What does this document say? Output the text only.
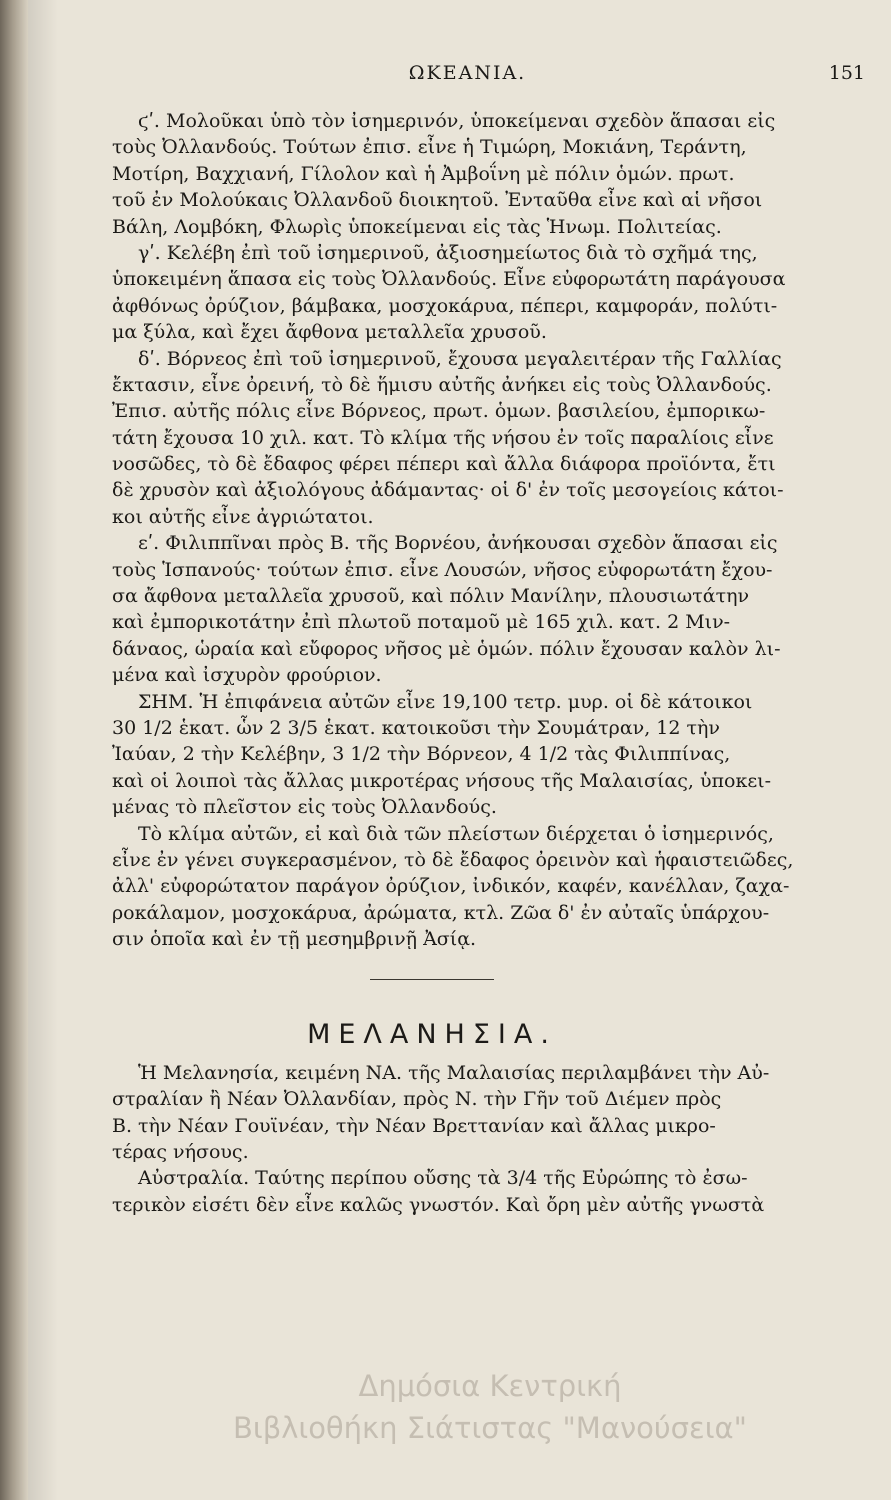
ΩΚΕΑΝΙΑ.	151
ϛʹ. Μολοῦκαι ὑπὸ τὸν ἰσημερινόν, ὑποκείμεναι σχεδὸν ἅπασαι εἰς
τοὺς Ὀλλανδούς. Τούτων ἐπισ. εἶνε ἡ Τιμώρη, Μοκιάνη, Τεράντη,
Μοτίρη, Βαχχιανή, Γίλολον καὶ ἡ Ἀμβοΐνη μὲ πόλιν ὁμών. πρωτ.
τοῦ ἐν Μολούκαις Ὀλλανδοῦ διοικητοῦ. Ἐνταῦθα εἶνε καὶ αἱ νῆσοι
Βάλη, Λομβόκη, Φλωρὶς ὑποκείμεναι εἰς τὰς Ἡνωμ. Πολιτείας.
γʹ. Κελέβη ἐπὶ τοῦ ἰσημερινοῦ, ἀξιοσημείωτος διὰ τὸ σχῆμά της,
ὑποκειμένη ἅπασα εἰς τοὺς Ὀλλανδούς. Εἶνε εὐφορωτάτη παράγουσα
ἀφθόνως ὀρύζιον, βάμβακα, μοσχοκάρυα, πέπερι, καμφοράν, πολύτι-
μα ξύλα, καὶ ἔχει ἄφθονα μεταλλεῖα χρυσοῦ.
δʹ. Βόρνεος ἐπὶ τοῦ ἰσημερινοῦ, ἔχουσα μεγαλειτέραν τῆς Γαλλίας
ἔκτασιν, εἶνε ὀρεινή, τὸ δὲ ἥμισυ αὐτῆς ἀνήκει εἰς τοὺς Ὀλλανδούς.
Ἐπισ. αὐτῆς πόλις εἶνε Βόρνεος, πρωτ. ὁμων. βασιλείου, ἐμπορικω-
τάτη ἔχουσα 10 χιλ. κατ. Τὸ κλίμα τῆς νήσου ἐν τοῖς παραλίοις εἶνε
νοσῶδες, τὸ δὲ ἔδαφος φέρει πέπερι καὶ ἄλλα διάφορα προϊόντα, ἔτι
δὲ χρυσὸν καὶ ἀξιολόγους ἀδάμαντας· οἱ δ' ἐν τοῖς μεσογείοις κάτοι-
κοι αὐτῆς εἶνε ἀγριώτατοι.
εʹ. Φιλιππῖναι πρὸς Β. τῆς Βορνέου, ἀνήκουσαι σχεδὸν ἅπασαι εἰς
τοὺς Ἱσπανούς· τούτων ἐπισ. εἶνε Λουσών, νῆσος εὐφορωτάτη ἔχου-
σα ἄφθονα μεταλλεῖα χρυσοῦ, καὶ πόλιν Μανίλην, πλουσιωτάτην
καὶ ἐμπορικοτάτην ἐπὶ πλωτοῦ ποταμοῦ μὲ 165 χιλ. κατ. 2 Μιν-
δάναος, ὡραία καὶ εὔφορος νῆσος μὲ ὁμών. πόλιν ἔχουσαν καλὸν λι-
μένα καὶ ἰσχυρὸν φρούριον.
ΣΗΜ. Ἡ ἐπιφάνεια αὐτῶν εἶνε 19,100 τετρ. μυρ. οἱ δὲ κάτοικοι
30 1/2 ἑκατ. ὧν 2 3/5 ἑκατ. κατοικοῦσι τὴν Σουμάτραν, 12 τὴν
Ἰαύαν, 2 τὴν Κελέβην, 3 1/2 τὴν Βόρνεον, 4 1/2 τὰς Φιλιππίνας,
καὶ οἱ λοιποὶ τὰς ἄλλας μικροτέρας νήσους τῆς Μαλαισίας, ὑποκει-
μένας τὸ πλεῖστον εἰς τοὺς Ὀλλανδούς.
Τὸ κλίμα αὐτῶν, εἰ καὶ διὰ τῶν πλείστων διέρχεται ὁ ἰσημερινός,
εἶνε ἐν γένει συγκερασμένον, τὸ δὲ ἔδαφος ὀρεινὸν καὶ ἡφαιστειῶδες,
ἀλλ' εὐφορώτατον παράγον ὀρύζιον, ἰνδικόν, καφέν, κανέλλαν, ζαχα-
ροκάλαμον, μοσχοκάρυα, ἀρώματα, κτλ. Ζῶα δ' ἐν αὐταῖς ὑπάρχου-
σιν ὁποῖα καὶ ἐν τῇ μεσημβρινῇ Ἀσίᾳ.
ΜΕΛΑΝΗΣΙΑ.
Ἡ Μελανησία, κειμένη ΝΑ. τῆς Μαλαισίας περιλαμβάνει τὴν Αὐ-
στραλίαν ἢ Νέαν Ὀλλανδίαν, πρὸς Ν. τὴν Γῆν τοῦ Διέμεν πρὸς
Β. τὴν Νέαν Γουϊνέαν, τὴν Νέαν Βρεττανίαν καὶ ἄλλας μικρο-
τέρας νήσους.
Αὐστραλία. Ταύτης περίπου οὔσης τὰ 3/4 τῆς Εὐρώπης τὸ ἐσω-
τερικὸν εἰσέτι δὲν εἶνε καλῶς γνωστόν. Καὶ ὄρη μὲν αὐτῆς γνωστὰ
Δημόσια Κεντρική
Βιβλιοθήκη Σιάτιστας "Μανούσεια"
